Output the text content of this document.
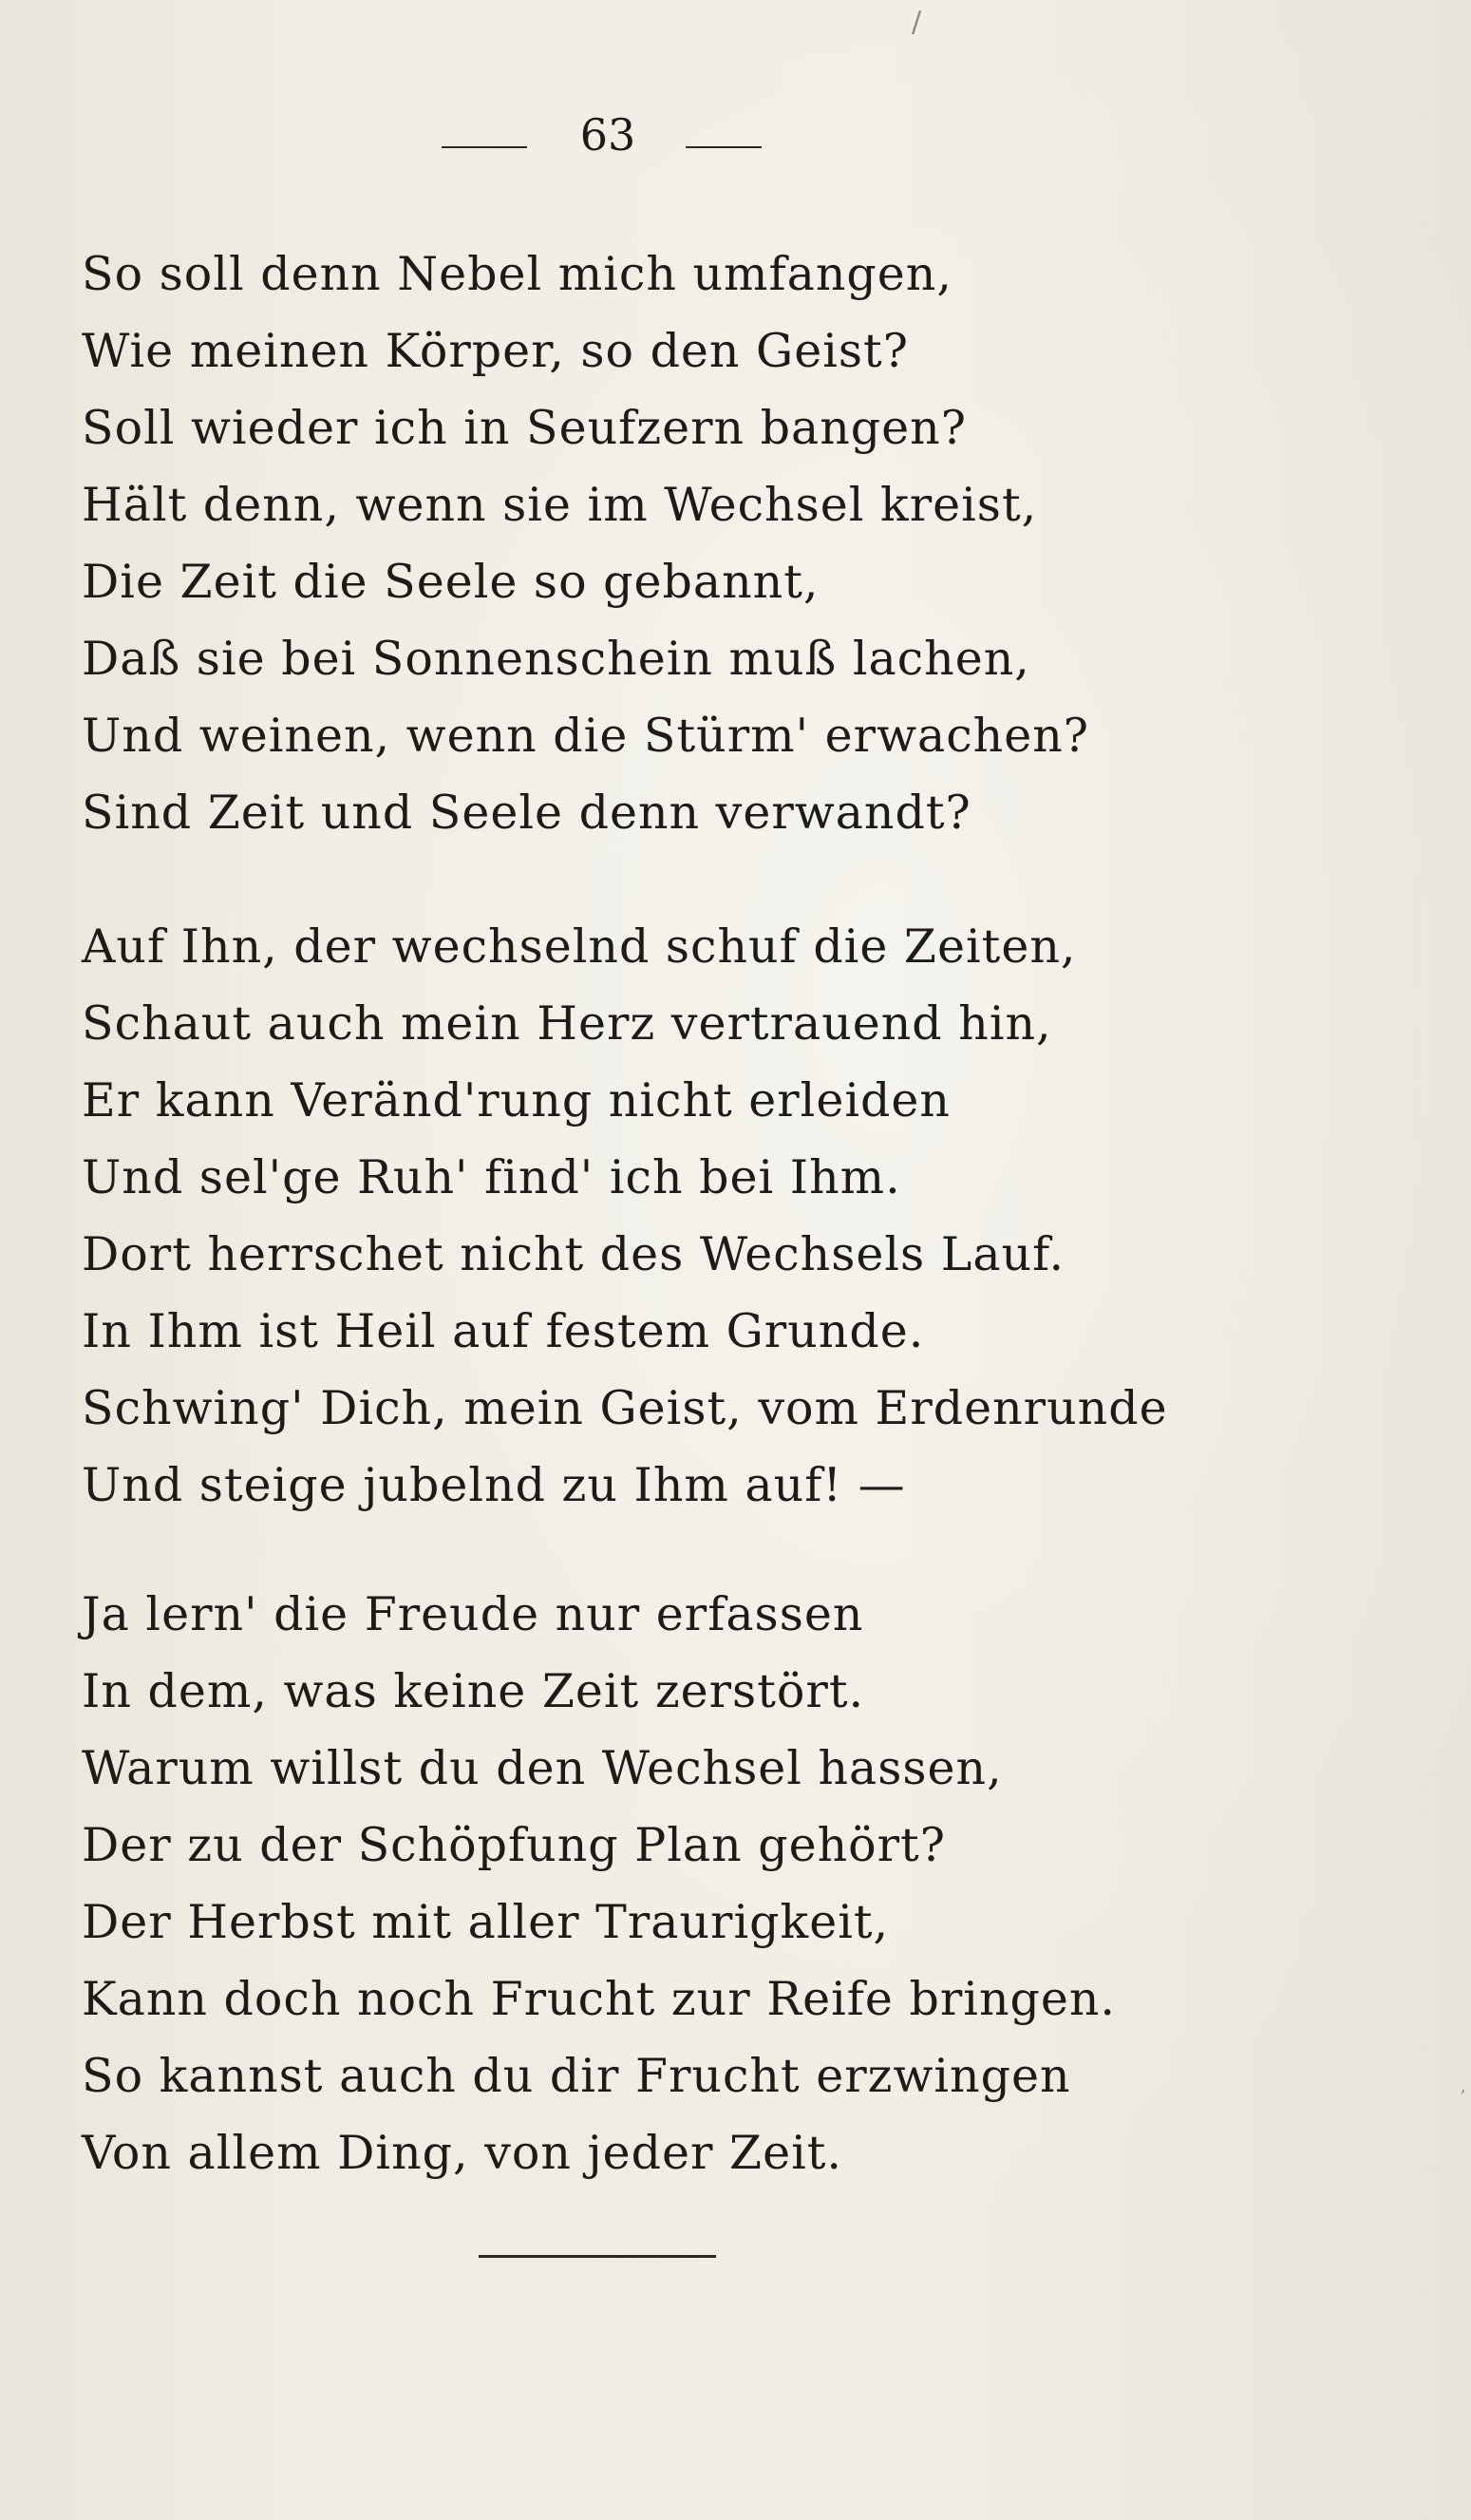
/
63
So soll denn Nebel mich umfangen,
Wie meinen Körper, so den Geist?
Soll wieder ich in Seufzern bangen?
Hält denn, wenn sie im Wechsel kreist,
Die Zeit die Seele so gebannt,
Daß sie bei Sonnenschein muß lachen,
Und weinen, wenn die Stürm' erwachen?
Sind Zeit und Seele denn verwandt?
Auf Ihn, der wechselnd schuf die Zeiten,
Schaut auch mein Herz vertrauend hin,
Er kann Veränd'rung nicht erleiden
Und sel'ge Ruh' find' ich bei Ihm.
Dort herrschet nicht des Wechsels Lauf.
In Ihm ist Heil auf festem Grunde.
Schwing' Dich, mein Geist, vom Erdenrunde
Und steige jubelnd zu Ihm auf! —
Ja lern' die Freude nur erfassen
In dem, was keine Zeit zerstört.
Warum willst du den Wechsel hassen,
Der zu der Schöpfung Plan gehört?
Der Herbst mit aller Traurigkeit,
Kann doch noch Frucht zur Reife bringen.
So kannst auch du dir Frucht erzwingen
Von allem Ding, von jeder Zeit.
,
